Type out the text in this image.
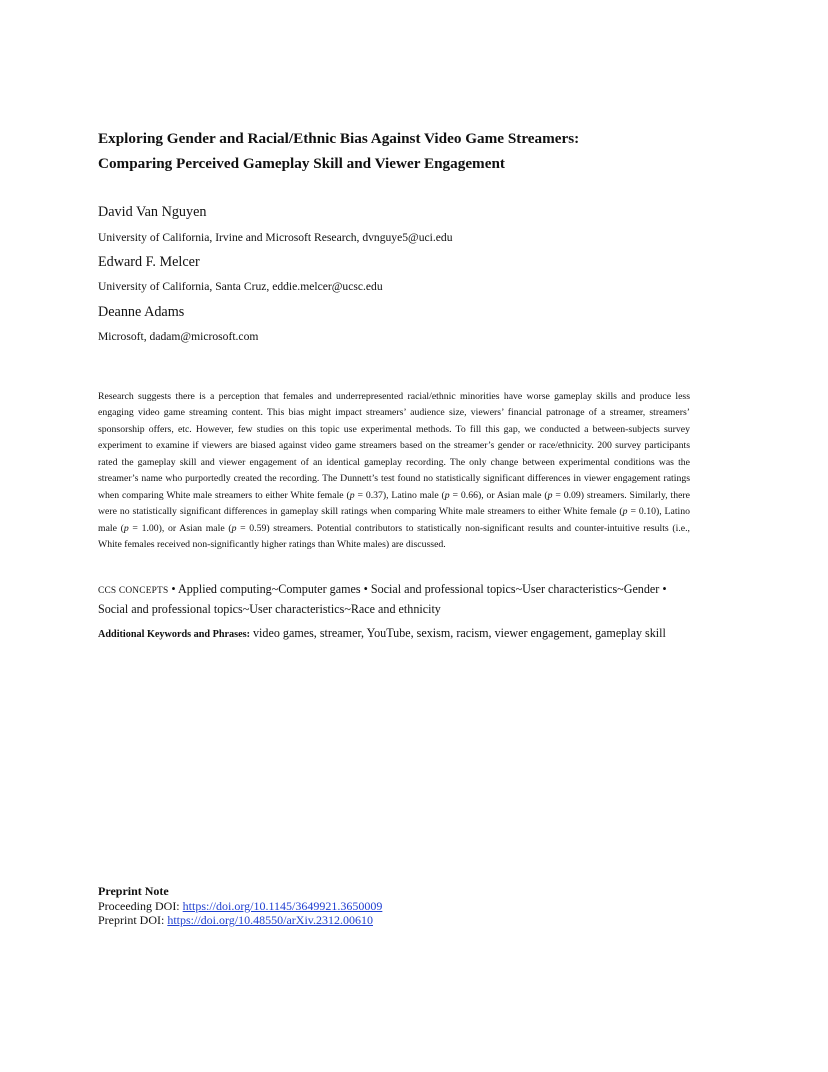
Exploring Gender and Racial/Ethnic Bias Against Video Game Streamers:
Comparing Perceived Gameplay Skill and Viewer Engagement
David Van Nguyen
University of California, Irvine and Microsoft Research, dvnguye5@uci.edu
Edward F. Melcer
University of California, Santa Cruz, eddie.melcer@ucsc.edu
Deanne Adams
Microsoft, dadam@microsoft.com
Research suggests there is a perception that females and underrepresented racial/ethnic minorities have worse gameplay skills and produce less engaging video game streaming content. This bias might impact streamers’ audience size, viewers’ financial patronage of a streamer, streamers’ sponsorship offers, etc. However, few studies on this topic use experimental methods. To fill this gap, we conducted a between-subjects survey experiment to examine if viewers are biased against video game streamers based on the streamer’s gender or race/ethnicity. 200 survey participants rated the gameplay skill and viewer engagement of an identical gameplay recording. The only change between experimental conditions was the streamer’s name who purportedly created the recording. The Dunnett’s test found no statistically significant differences in viewer engagement ratings when comparing White male streamers to either White female (p = 0.37), Latino male (p = 0.66), or Asian male (p = 0.09) streamers. Similarly, there were no statistically significant differences in gameplay skill ratings when comparing White male streamers to either White female (p = 0.10), Latino male (p = 1.00), or Asian male (p = 0.59) streamers. Potential contributors to statistically non-significant results and counter-intuitive results (i.e., White females received non-significantly higher ratings than White males) are discussed.
CCS CONCEPTS • Applied computing~Computer games • Social and professional topics~User characteristics~Gender • Social and professional topics~User characteristics~Race and ethnicity
Additional Keywords and Phrases: video games, streamer, YouTube, sexism, racism, viewer engagement, gameplay skill
Preprint Note
Proceeding DOI: https://doi.org/10.1145/3649921.3650009
Preprint DOI: https://doi.org/10.48550/arXiv.2312.00610
